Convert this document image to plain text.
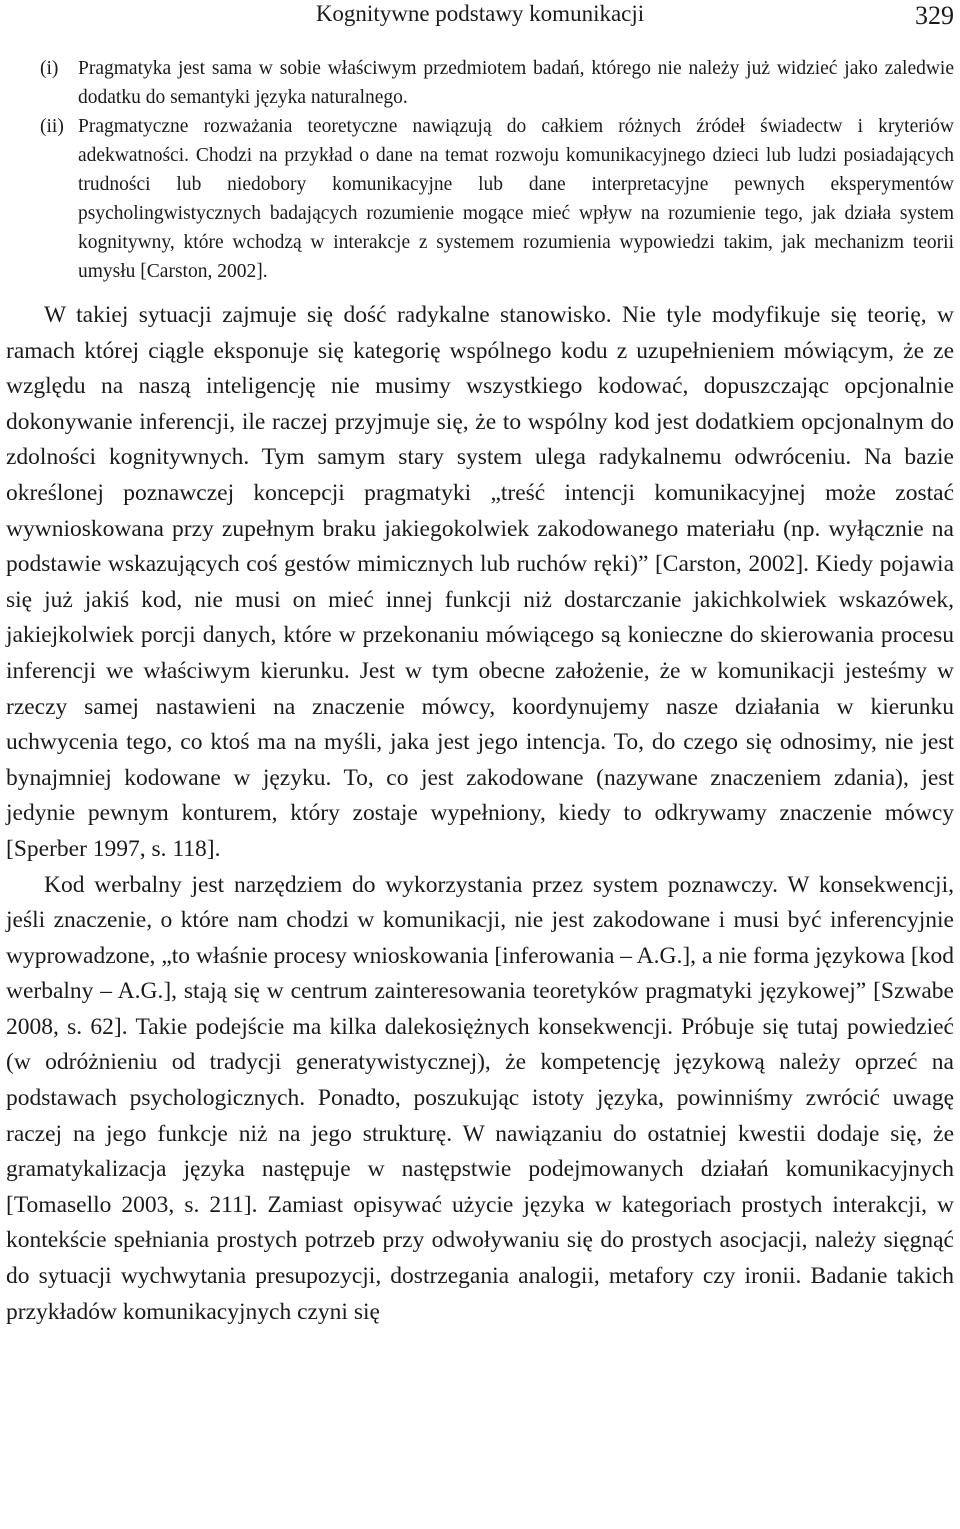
Kognitywne podstawy komunikacji	329
(i)	Pragmatyka jest sama w sobie właściwym przedmiotem badań, którego nie należy już widzieć jako zaledwie dodatku do semantyki języka naturalnego.
(ii) Pragmatyczne rozważania teoretyczne nawiązują do całkiem różnych źródeł świadectw i kryteriów adekwatności. Chodzi na przykład o dane na temat rozwoju komunikacyjnego dzieci lub ludzi posiadających trudności lub niedobory komunikacyjne lub dane interpretacyjne pewnych eksperymentów psycholingwistycznych badających rozumienie mogące mieć wpływ na rozumienie tego, jak działa system kognitywny, które wchodzą w interakcje z systemem rozumienia wypowiedzi takim, jak mechanizm teorii umysłu [Carston, 2002].

W takiej sytuacji zajmuje się dość radykalne stanowisko. Nie tyle modyfikuje się teorię, w ramach której ciągle eksponuje się kategorię wspólnego kodu z uzupełnieniem mówiącym, że ze względu na naszą inteligencję nie musimy wszystkiego kodować, dopuszczając opcjonalnie dokonywanie inferencji, ile raczej przyjmuje się, że to wspólny kod jest dodatkiem opcjonalnym do zdolności kognitywnych. Tym samym stary system ulega radykalnemu odwróceniu. Na bazie określonej poznawczej koncepcji pragmatyki „treść intencji komunikacyjnej może zostać wywnioskowana przy zupełnym braku jakiegokolwiek zakodowanego materiału (np. wyłącznie na podstawie wskazujących coś gestów mimicznych lub ruchów ręki)” [Carston, 2002]. Kiedy pojawia się już jakiś kod, nie musi on mieć innej funkcji niż dostarczanie jakichkolwiek wskazówek, jakiejkolwiek porcji danych, które w przekonaniu mówiącego są konieczne do skierowania procesu inferencji we właściwym kierunku. Jest w tym obecne założenie, że w komunikacji jesteśmy w rzeczy samej nastawieni na znaczenie mówcy, koordynujemy nasze działania w kierunku uchwycenia tego, co ktoś ma na myśli, jaka jest jego intencja. To, do czego się odnosimy, nie jest bynajmniej kodowane w języku. To, co jest zakodowane (nazywane znaczeniem zdania), jest jedynie pewnym konturem, który zostaje wypełniony, kiedy to odkrywamy znaczenie mówcy [Sperber 1997, s. 118].

Kod werbalny jest narzędziem do wykorzystania przez system poznawczy. W konsekwencji, jeśli znaczenie, o które nam chodzi w komunikacji, nie jest zakodowane i musi być inferencyjnie wyprowadzone, „to właśnie procesy wnioskowania [inferowania – A.G.], a nie forma językowa [kod werbalny – A.G.], stają się w centrum zainteresowania teoretyków pragmatyki językowej” [Szwabe 2008, s. 62]. Takie podejście ma kilka dalekosiężnych konsekwencji. Próbuje się tutaj powiedzieć (w odróżnieniu od tradycji generatywistycznej), że kompetencję językową należy oprzeć na podstawach psychologicznych. Ponadto, poszukując istoty języka, powinniśmy zwrócić uwagę raczej na jego funkcje niż na jego strukturę. W nawiązaniu do ostatniej kwestii dodaje się, że gramatykalizacja języka następuje w następstwie podejmowanych działań komunikacyjnych [Tomasello 2003, s. 211]. Zamiast opisywać użycie języka w kategoriach prostych interakcji, w kontekście spełniania prostych potrzeb przy odwoływaniu się do prostych asocjacji, należy sięgnąć do sytuacji wychwytania presupozycji, dostrzegania analogii, metafory czy ironii. Badanie takich przykładów komunikacyjnych czyni się
